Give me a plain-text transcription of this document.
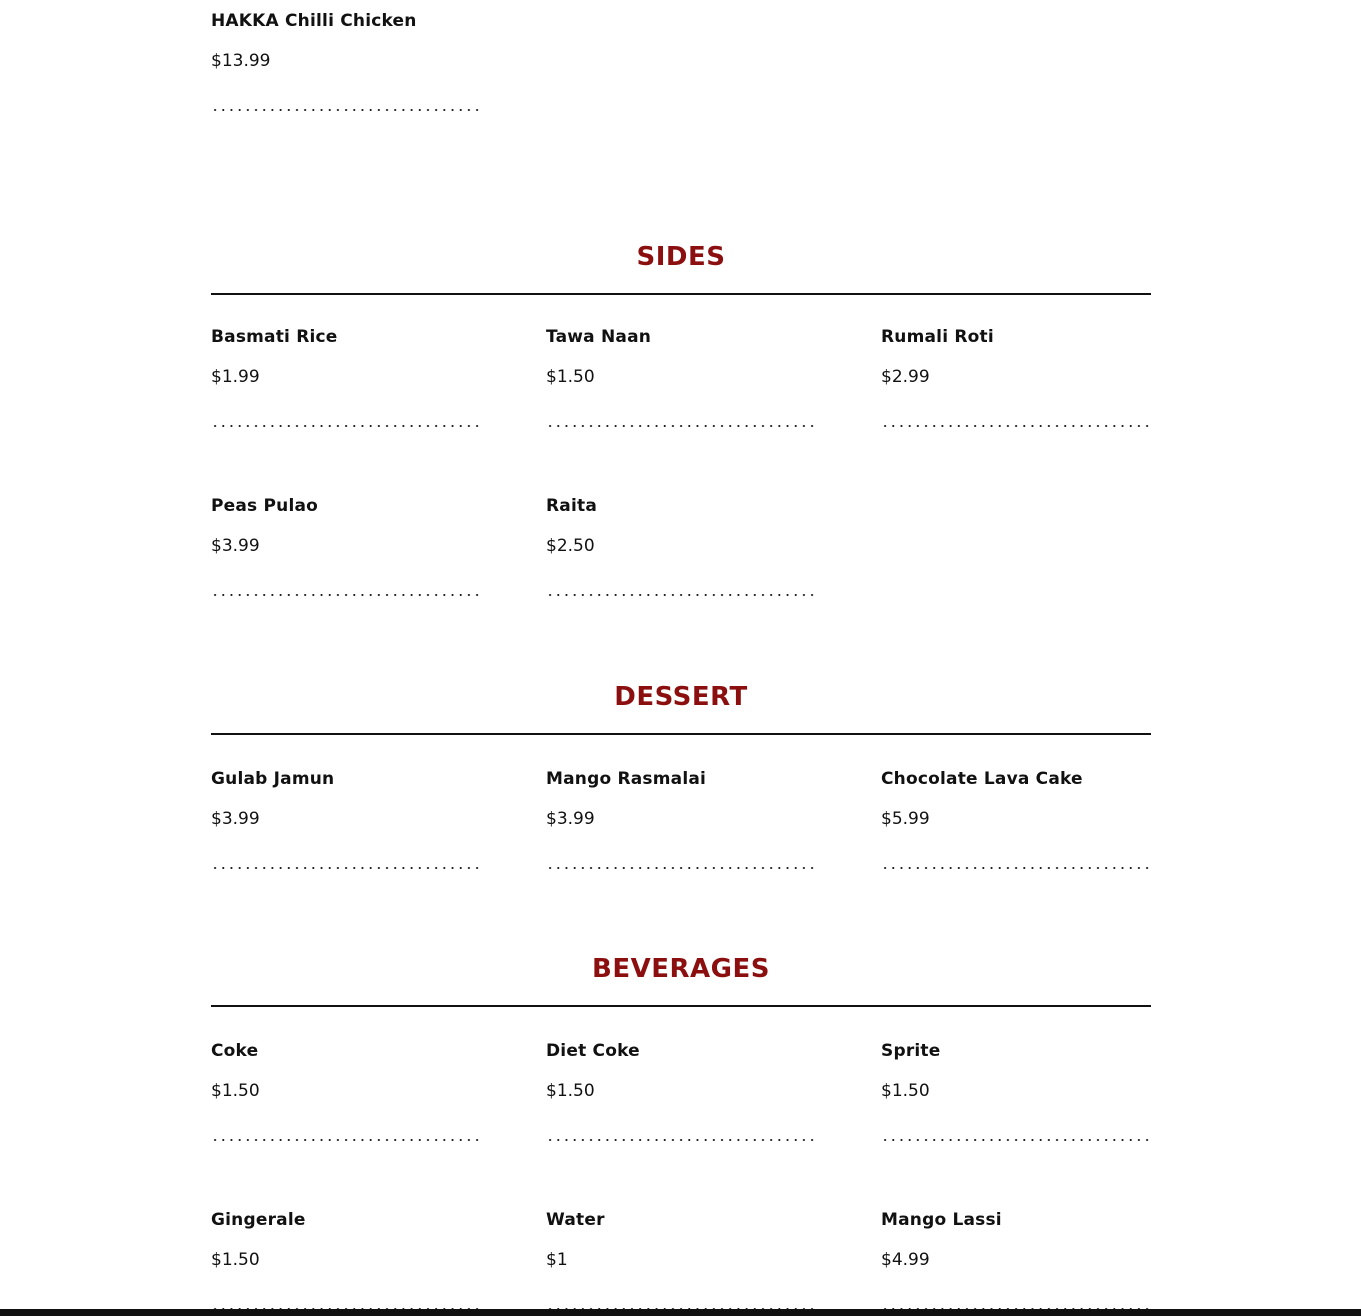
HAKKA Chilli Chicken
$13.99
SIDES
Basmati Rice
$1.99
Tawa Naan
$1.50
Rumali Roti
$2.99
Peas Pulao
$3.99
Raita
$2.50
DESSERT
Gulab Jamun
$3.99
Mango Rasmalai
$3.99
Chocolate Lava Cake
$5.99
BEVERAGES
Coke
$1.50
Diet Coke
$1.50
Sprite
$1.50
Gingerale
$1.50
Water
$1
Mango Lassi
$4.99
